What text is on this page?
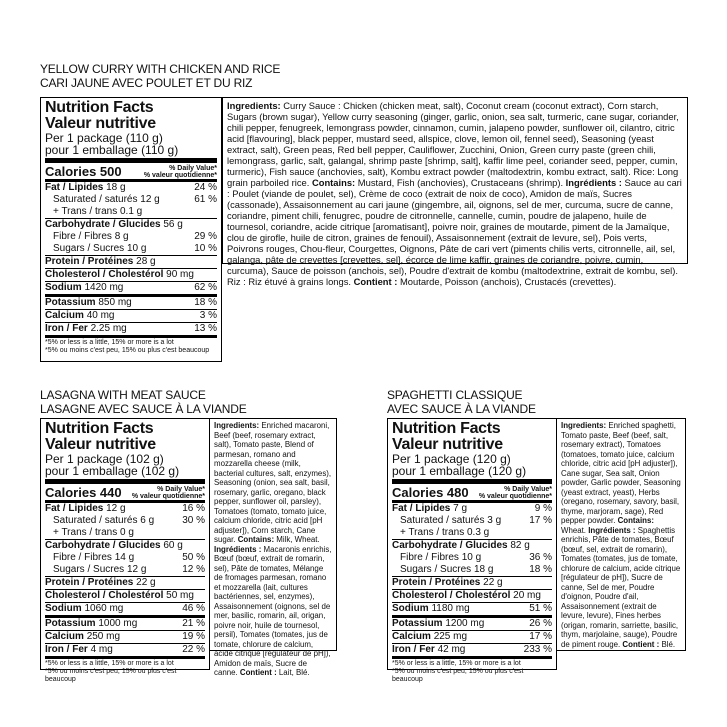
YELLOW CURRY WITH CHICKEN AND RICE
CARI JAUNE AVEC POULET ET DU RIZ
Nutrition Facts
Valeur nutritive
Per 1 package (110 g)
pour 1 emballage (110 g)
Calories 500	% Daily Value*
% valeur quotidienne*
Fat / Lipides 18 g	24 %
Saturated / saturés 12 g	61 %
+ Trans / trans 0.1 g
Carbohydrate / Glucides 56 g
Fibre / Fibres 8 g	29 %
Sugars / Sucres 10 g	10 %
Protein / Protéines 28 g
Cholesterol / Cholestérol 90 mg
Sodium 1420 mg	62 %
Potassium 850 mg	18 %
Calcium 40 mg	3 %
Iron / Fer 2.25 mg	13 %
*5% or less is a little, 15% or more is a lot
*5% ou moins c'est peu, 15% ou plus c'est beaucoup
Ingredients: Curry Sauce : Chicken (chicken meat, salt), Coconut cream (coconut extract), Corn starch, Sugars (brown sugar), Yellow curry seasoning (ginger, garlic, onion, sea salt, turmeric, cane sugar, coriander, chili pepper, fenugreek, lemongrass powder, cinnamon, cumin, jalapeno powder, sunflower oil, cilantro, citric acid [flavouring], black pepper, mustard seed, allspice, clove, lemon oil, fennel seed), Seasoning (yeast extract, salt), Green peas, Red bell pepper, Cauliflower, Zucchini, Onion, Green curry paste (green chili, lemongrass, garlic, salt, galangal, shrimp paste [shrimp, salt], kaffir lime peel, coriander seed, pepper, cumin, turmeric), Fish sauce (anchovies, salt), Kombu extract powder (maltodextrin, kombu extract, salt). Rice: Long grain parboiled rice. Contains: Mustard, Fish (anchovies), Crustaceans (shrimp). Ingrédients : Sauce au cari : Poulet (viande de poulet, sel), Crème de coco (extrait de noix de coco), Amidon de maïs, Sucres (cassonade), Assaisonnement au cari jaune (gingembre, ail, oignons, sel de mer, curcuma, sucre de canne, coriandre, piment chili, fenugrec, poudre de citronnelle, cannelle, cumin, poudre de jalapeno, huile de tournesol, coriandre, acide citrique [aromatisant], poivre noir, graines de moutarde, piment de la Jamaïque, clou de girofle, huile de citron, graines de fenouil), Assaisonnement (extrait de levure, sel), Pois verts, Poivrons rouges, Chou-fleur, Courgettes, Oignons, Pâte de cari vert (piments chilis verts, citronnelle, ail, sel, galanga, pâte de crevettes [crevettes, sel], écorce de lime kaffir, graines de coriandre, poivre, cumin, curcuma), Sauce de poisson (anchois, sel), Poudre d'extrait de kombu (maltodextrine, extrait de kombu, sel). Riz : Riz étuvé à grains longs. Contient : Moutarde, Poisson (anchois), Crustacés (crevettes).
LASAGNA WITH MEAT SAUCE
LASAGNE AVEC SAUCE À LA VIANDE
Nutrition Facts
Valeur nutritive
Per 1 package (102 g)
pour 1 emballage (102 g)
Calories 440	% Daily Value*
% valeur quotidienne*
Fat / Lipides 12 g	16 %
Saturated / saturés 6 g	30 %
+ Trans / trans 0 g
Carbohydrate / Glucides 60 g
Fibre / Fibres 14 g	50 %
Sugars / Sucres 12 g	12 %
Protein / Protéines 22 g
Cholesterol / Cholestérol 50 mg
Sodium 1060 mg	46 %
Potassium 1000 mg	21 %
Calcium 250 mg	19 %
Iron / Fer 4 mg	22 %
*5% or less is a little, 15% or more is a lot
*5% ou moins c'est peu, 15% ou plus c'est beaucoup
Ingredients: Enriched macaroni, Beef (beef, rosemary extract, salt), Tomato paste, Blend of parmesan, romano and mozzarella cheese (milk, bacterial cultures, salt, enzymes), Seasoning (onion, sea salt, basil, rosemary, garlic, oregano, black pepper, sunflower oil, parsley), Tomatoes (tomato, tomato juice, calcium chloride, citric acid [pH adjuster]), Corn starch, Cane sugar. Contains: Milk, Wheat. Ingrédients : Macaronis enrichis, Bœuf (bœuf, extrait de romarin, sel), Pâte de tomates, Mélange de fromages parmesan, romano et mozzarella (lait, cultures bactériennes, sel, enzymes), Assaisonnement (oignons, sel de mer, basilic, romarin, ail, origan, poivre noir, huile de tournesol, persil), Tomates (tomates, jus de tomate, chlorure de calcium, acide citrique [régulateur de pH]), Amidon de maïs, Sucre de canne. Contient : Lait, Blé.
SPAGHETTI CLASSIQUE
AVEC SAUCE À LA VIANDE
Nutrition Facts
Valeur nutritive
Per 1 package (120 g)
pour 1 emballage (120 g)
Calories 480	% Daily Value*
% valeur quotidienne*
Fat / Lipides 7 g	9 %
Saturated / saturés 3 g	17 %
+ Trans / trans 0.3 g
Carbohydrate / Glucides 82 g
Fibre / Fibres 10 g	36 %
Sugars / Sucres 18 g	18 %
Protein / Protéines 22 g
Cholesterol / Cholestérol 20 mg
Sodium 1180 mg	51 %
Potassium 1200 mg	26 %
Calcium 225 mg	17 %
Iron / Fer 42 mg	233 %
*5% or less is a little, 15% or more is a lot
*5% ou moins c'est peu, 15% ou plus c'est beaucoup
Ingredients: Enriched spaghetti, Tomato paste, Beef (beef, salt, rosemary extract), Tomatoes (tomatoes, tomato juice, calcium chloride, citric acid [pH adjuster]), Cane sugar, Sea salt, Onion powder, Garlic powder, Seasoning (yeast extract, yeast), Herbs (oregano, rosemary, savory, basil, thyme, marjoram, sage), Red pepper powder. Contains: Wheat. Ingrédients : Spaghettis enrichis, Pâte de tomates, Bœuf (bœuf, sel, extrait de romarin), Tomates (tomates, jus de tomate, chlorure de calcium, acide citrique [régulateur de pH]), Sucre de canne, Sel de mer, Poudre d'oignon, Poudre d'ail, Assaisonnement (extrait de levure, levure), Fines herbes (origan, romarin, sarriette, basilic, thym, marjolaine, sauge), Poudre de piment rouge. Contient : Blé.
